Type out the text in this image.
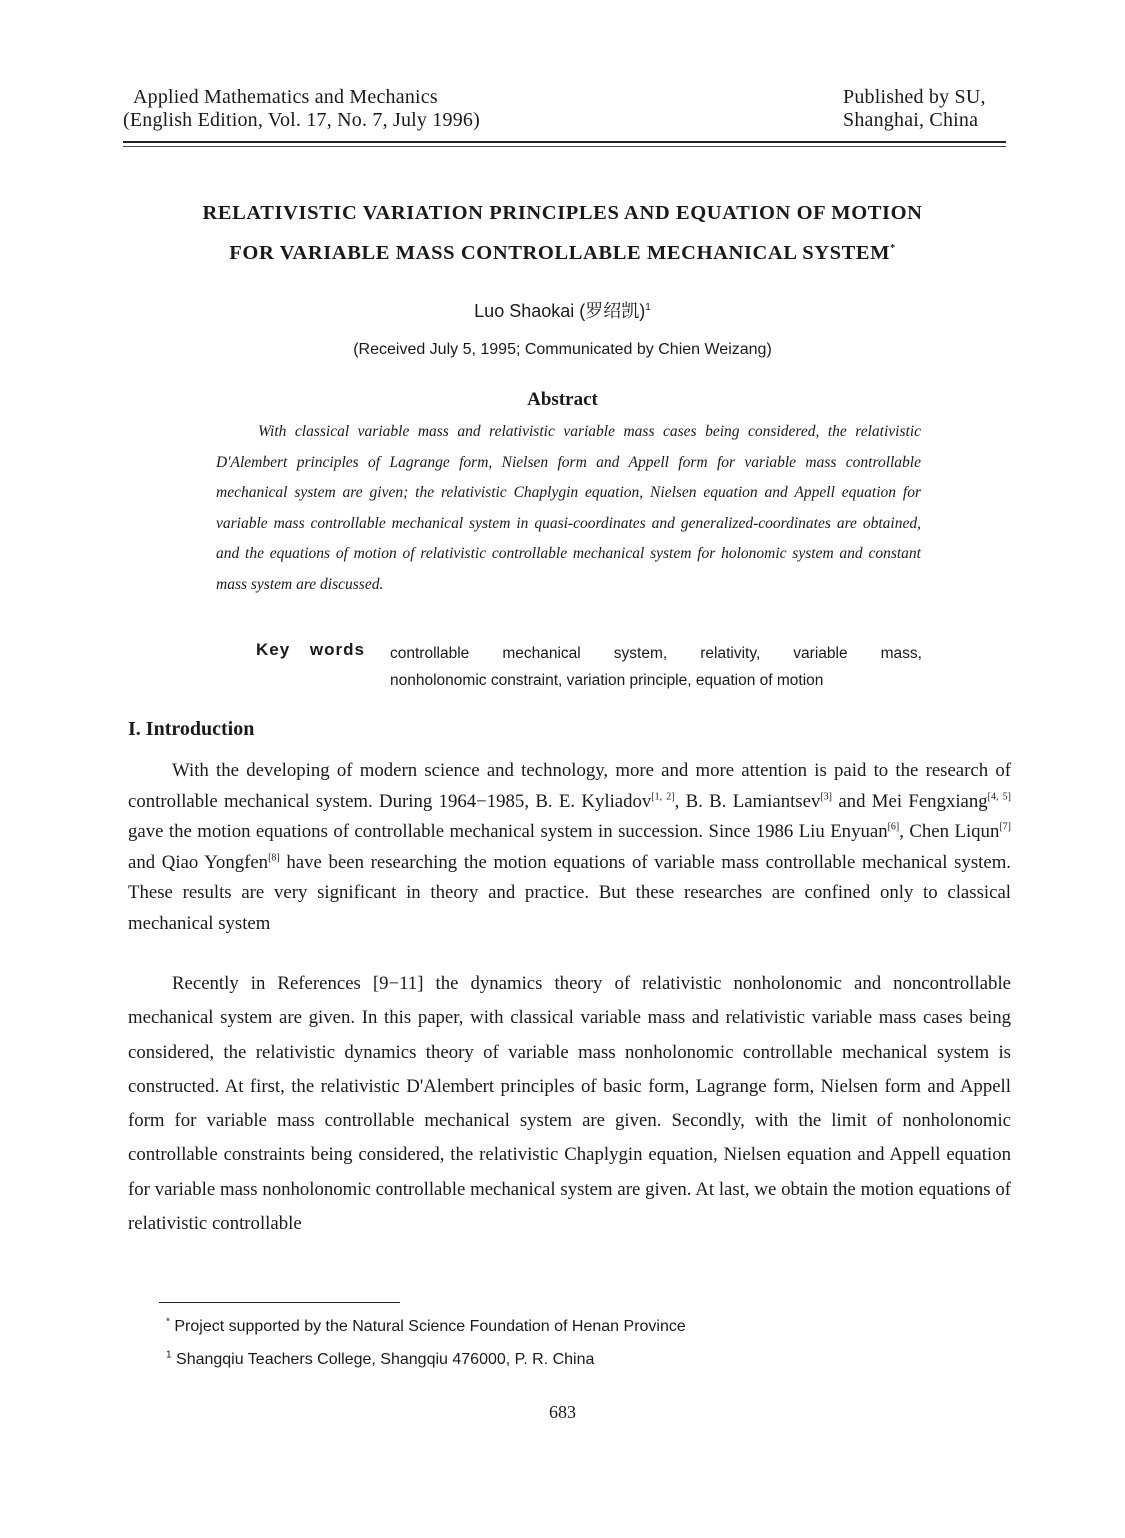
Applied Mathematics and Mechanics
(English Edition, Vol. 17, No. 7, July 1996)
Published by SU,
Shanghai, China
RELATIVISTIC VARIATION PRINCIPLES AND EQUATION OF MOTION
FOR VARIABLE MASS CONTROLLABLE MECHANICAL SYSTEM*
Luo Shaokai (罗绍凯)$^1$
(Received July 5, 1995; Communicated by Chien Weizang)
Abstract
With classical variable mass and relativistic variable mass cases being considered, the relativistic D'Alembert principles of Lagrange form, Nielsen form and Appell form for variable mass controllable mechanical system are given; the relativistic Chaplygin equation, Nielsen equation and Appell equation for variable mass controllable mechanical system in quasi-coordinates and generalized-coordinates are obtained, and the equations of motion of relativistic controllable mechanical system for holonomic system and constant mass system are discussed.
Key words controllable mechanical system, relativity, variable mass,
nonholonomic constraint, variation principle, equation of motion
I. Introduction

With the developing of modern science and technology, more and more attention is paid to the research of controllable mechanical system. During 1964−1985, B. E. Kyliadov[1, 2], B. B. Lamiantsev[3] and Mei Fengxiang[4, 5] gave the motion equations of controllable mechanical system in succession. Since 1986 Liu Enyuan[6], Chen Liqun[7] and Qiao Yongfen[8] have been researching the motion equations of variable mass controllable mechanical system. These results are very significant in theory and practice. But these researches are confined only to classical mechanical system

Recently in References [9−11] the dynamics theory of relativistic nonholonomic and noncontrollable mechanical system are given. In this paper, with classical variable mass and relativistic variable mass cases being considered, the relativistic dynamics theory of variable mass nonholonomic controllable mechanical system is constructed. At first, the relativistic D'Alembert principles of basic form, Lagrange form, Nielsen form and Appell form for variable mass controllable mechanical system are given. Secondly, with the limit of nonholonomic controllable constraints being considered, the relativistic Chaplygin equation, Nielsen equation and Appell equation for variable mass nonholonomic controllable mechanical system are given. At last, we obtain the motion equations of relativistic controllable

* Project supported by the Natural Science Foundation of Henan Province
$^1$ Shangqiu Teachers College, Shangqiu 476000, P. R. China
683
